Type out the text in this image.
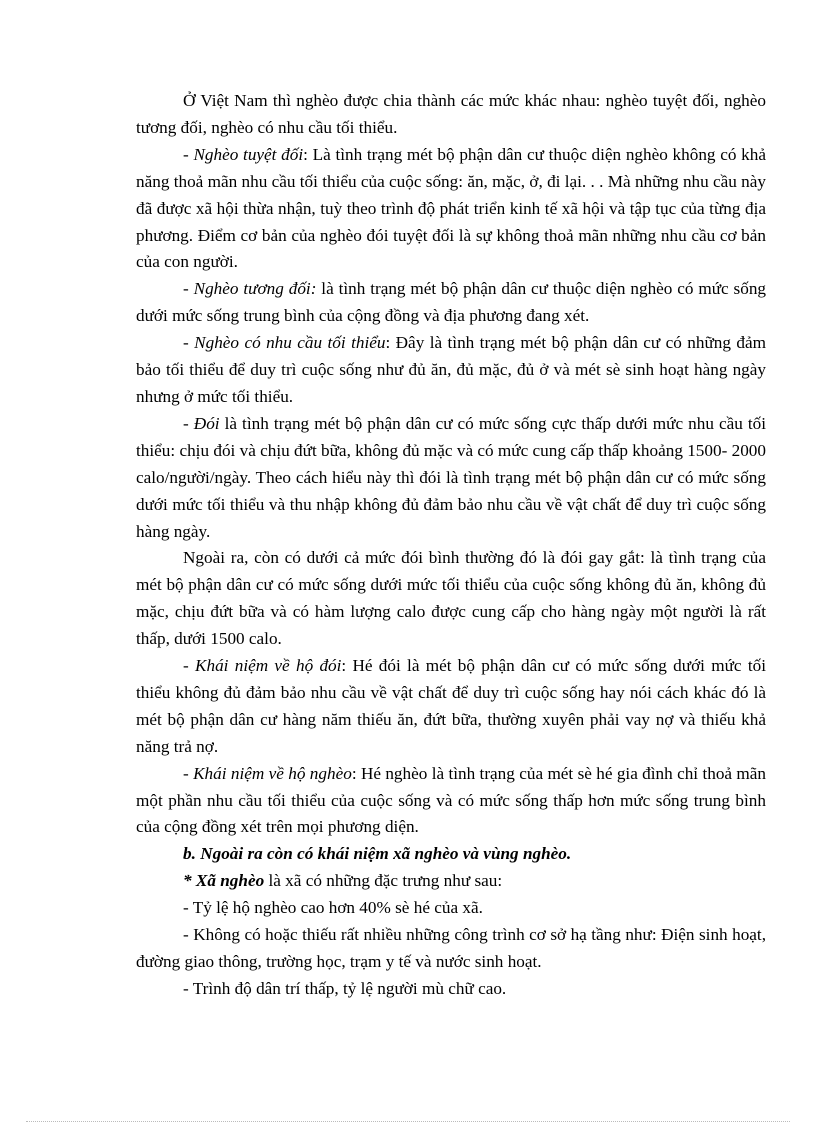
Ở Việt Nam thì nghèo được chia thành các mức khác nhau: nghèo tuyệt đối, nghèo tương đối, nghèo có nhu cầu tối thiểu.

- Nghèo tuyệt đối: Là tình trạng mét bộ phận dân cư thuộc diện nghèo không có khả năng thoả mãn nhu cầu tối thiểu của cuộc sống: ăn, mặc, ở, đi lại. . . Mà những nhu cầu này đã được xã hội thừa nhận, tuỳ theo trình độ phát triển kinh tế xã hội và tập tục của từng địa phương. Điểm cơ bản của nghèo đói tuyệt đối là sự không thoả mãn những nhu cầu cơ bản của con người.

- Nghèo tương đối: là tình trạng mét bộ phận dân cư thuộc diện nghèo có mức sống dưới mức sống trung bình của cộng đồng và địa phương đang xét.

- Nghèo có nhu cầu tối thiểu: Đây là tình trạng mét bộ phận dân cư có những đảm bảo tối thiểu để duy trì cuộc sống như đủ ăn, đủ mặc, đủ ở và mét sè sinh hoạt hàng ngày nhưng ở mức tối thiểu.

- Đói là tình trạng mét bộ phận dân cư có mức sống cực thấp dưới mức nhu cầu tối thiểu: chịu đói và chịu đứt bữa, không đủ mặc và có mức cung cấp thấp khoảng 1500- 2000 calo/người/ngày. Theo cách hiểu này thì đói là tình trạng mét bộ phận dân cư có mức sống dưới mức tối thiểu và thu nhập không đủ đảm bảo nhu cầu về vật chất để duy trì cuộc sống hàng ngày.

Ngoài ra, còn có dưới cả mức đói bình thường đó là đói gay gắt: là tình trạng của mét bộ phận dân cư có mức sống dưới mức tối thiểu của cuộc sống không đủ ăn, không đủ mặc, chịu đứt bữa và có hàm lượng calo được cung cấp cho hàng ngày một người là rất thấp, dưới 1500 calo.

- Khái niệm về hộ đói: Hé đói là mét bộ phận dân cư có mức sống dưới mức tối thiểu không đủ đảm bảo nhu cầu về vật chất để duy trì cuộc sống hay nói cách khác đó là mét bộ phận dân cư hàng năm thiếu ăn, đứt bữa, thường xuyên phải vay nợ và thiếu khả năng trả nợ.

- Khái niệm về hộ nghèo: Hé nghèo là tình trạng của mét sè hé gia đình chỉ thoả mãn một phần nhu cầu tối thiểu của cuộc sống và có mức sống thấp hơn mức sống trung bình của cộng đồng xét trên mọi phương diện.

b. Ngoài ra còn có khái niệm xã nghèo và vùng nghèo.

* Xã nghèo là xã có những đặc trưng như sau:

- Tỷ lệ hộ nghèo cao hơn 40% sè hé của xã.

- Không có hoặc thiếu rất nhiều những công trình cơ sở hạ tầng như: Điện sinh hoạt, đường giao thông, trường học, trạm y tế và nước sinh hoạt.

- Trình độ dân trí thấp, tỷ lệ người mù chữ cao.
